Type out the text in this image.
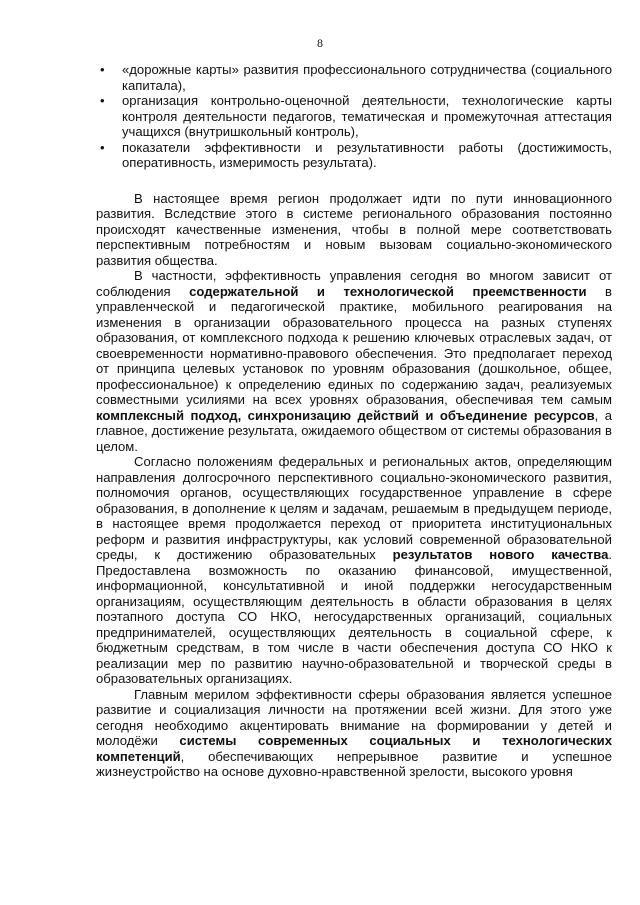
8
• «дорожные карты» развития профессионального сотрудничества (социального капитала),
• организация контрольно-оценочной деятельности, технологические карты контроля деятельности педагогов, тематическая и промежуточная аттестация учащихся (внутришкольный контроль),
• показатели эффективности и результативности работы (достижимость, оперативность, измеримость результата).

В настоящее время регион продолжает идти по пути инновационного развития. Вследствие этого в системе регионального образования постоянно происходят качественные изменения, чтобы в полной мере соответствовать перспективным потребностям и новым вызовам социально-экономического развития общества.

В частности, эффективность управления сегодня во многом зависит от соблюдения содержательной и технологической преемственности в управленческой и педагогической практике, мобильного реагирования на изменения в организации образовательного процесса на разных ступенях образования, от комплексного подхода к решению ключевых отраслевых задач, от своевременности нормативно-правового обеспечения. Это предполагает переход от принципа целевых установок по уровням образования (дошкольное, общее, профессиональное) к определению единых по содержанию задач, реализуемых совместными усилиями на всех уровнях образования, обеспечивая тем самым комплексный подход, синхронизацию действий и объединение ресурсов, а главное, достижение результата, ожидаемого обществом от системы образования в целом.

Согласно положениям федеральных и региональных актов, определяющим направления долгосрочного перспективного социально-экономического развития, полномочия органов, осуществляющих государственное управление в сфере образования, в дополнение к целям и задачам, решаемым в предыдущем периоде, в настоящее время продолжается переход от приоритета институциональных реформ и развития инфраструктуры, как условий современной образовательной среды, к достижению образовательных результатов нового качества. Предоставлена возможность по оказанию финансовой, имущественной, информационной, консультативной и иной поддержки негосударственным организациям, осуществляющим деятельность в области образования в целях поэтапного доступа СО НКО, негосударственных организаций, социальных предпринимателей, осуществляющих деятельность в социальной сфере, к бюджетным средствам, в том числе в части обеспечения доступа СО НКО к реализации мер по развитию научно-образовательной и творческой среды в образовательных организациях.

Главным мерилом эффективности сферы образования является успешное развитие и социализация личности на протяжении всей жизни. Для этого уже сегодня необходимо акцентировать внимание на формировании у детей и молодёжи системы современных социальных и технологических компетенций, обеспечивающих непрерывное развитие и успешное жизнеустройство на основе духовно-нравственной зрелости, высокого уровня
